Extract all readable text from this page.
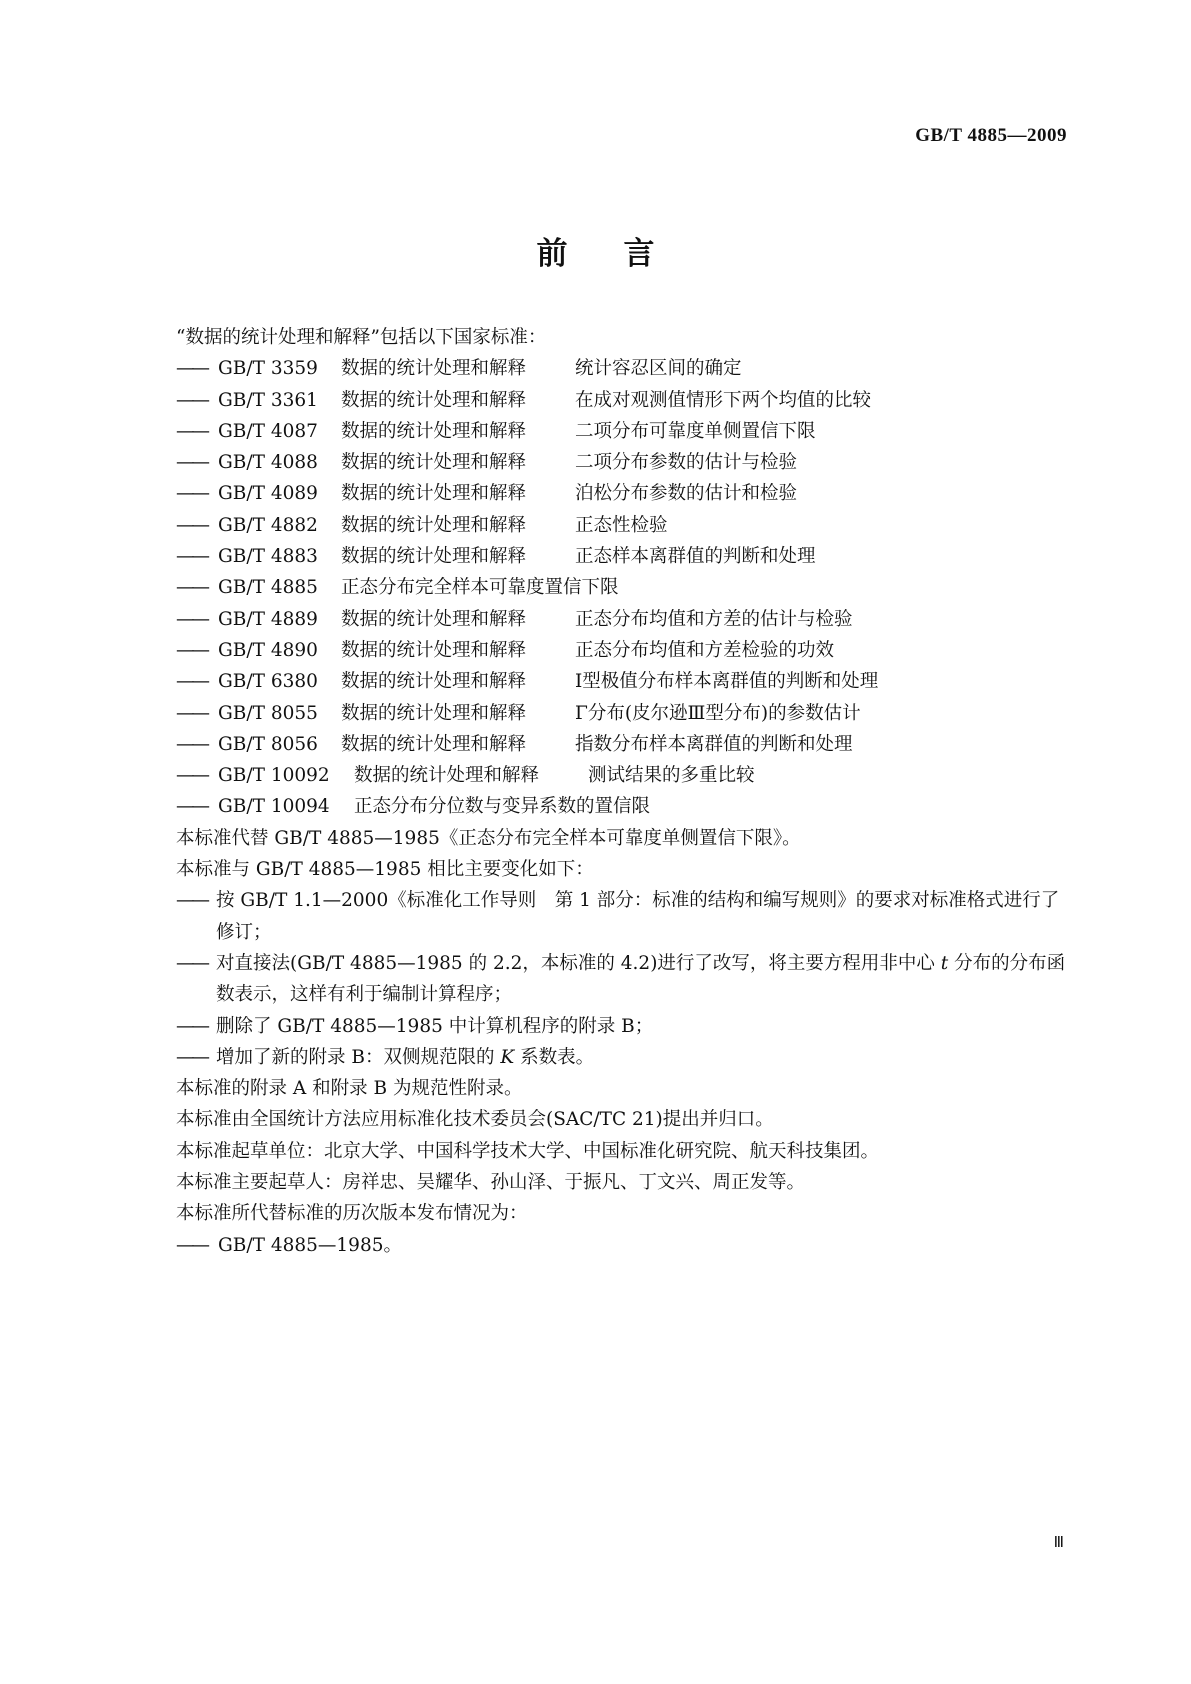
GB/T 4885—2009
前言
“数据的统计处理和解释”包括以下国家标准：
—— GB/T 3359 数据的统计处理和解释	统计容忍区间的确定
—— GB/T 3361 数据的统计处理和解释	在成对观测值情形下两个均值的比较
—— GB/T 4087 数据的统计处理和解释	二项分布可靠度单侧置信下限
—— GB/T 4088 数据的统计处理和解释	二项分布参数的估计与检验
—— GB/T 4089 数据的统计处理和解释	泊松分布参数的估计和检验
—— GB/T 4882 数据的统计处理和解释	正态性检验
—— GB/T 4883 数据的统计处理和解释	正态样本离群值的判断和处理
—— GB/T 4885 正态分布完全样本可靠度置信下限
—— GB/T 4889 数据的统计处理和解释	正态分布均值和方差的估计与检验
—— GB/T 4890 数据的统计处理和解释	正态分布均值和方差检验的功效
—— GB/T 6380 数据的统计处理和解释	Ⅰ型极值分布样本离群值的判断和处理
—— GB/T 8055 数据的统计处理和解释	Γ分布(皮尔逊Ⅲ型分布)的参数估计
—— GB/T 8056 数据的统计处理和解释	指数分布样本离群值的判断和处理
—— GB/T 10092 数据的统计处理和解释	测试结果的多重比较
—— GB/T 10094 正态分布分位数与变异系数的置信限
本标准代替 GB/T 4885—1985《正态分布完全样本可靠度单侧置信下限》。
本标准与 GB/T 4885—1985 相比主要变化如下：
—— 按 GB/T 1.1—2000《标准化工作导则　第 1 部分：标准的结构和编写规则》的要求对标准格式进行了修订；
—— 对直接法(GB/T 4885—1985 的 2.2，本标准的 4.2)进行了改写，将主要方程用非中心 t 分布的分布函数表示，这样有利于编制计算程序；
—— 删除了 GB/T 4885—1985 中计算机程序的附录 B；
—— 增加了新的附录 B：双侧规范限的 K 系数表。
本标准的附录 A 和附录 B 为规范性附录。
本标准由全国统计方法应用标准化技术委员会(SAC/TC 21)提出并归口。
本标准起草单位：北京大学、中国科学技术大学、中国标准化研究院、航天科技集团。
本标准主要起草人：房祥忠、吴耀华、孙山泽、于振凡、丁文兴、周正发等。
本标准所代替标准的历次版本发布情况为：
—— GB/T 4885—1985。
Ⅲ
